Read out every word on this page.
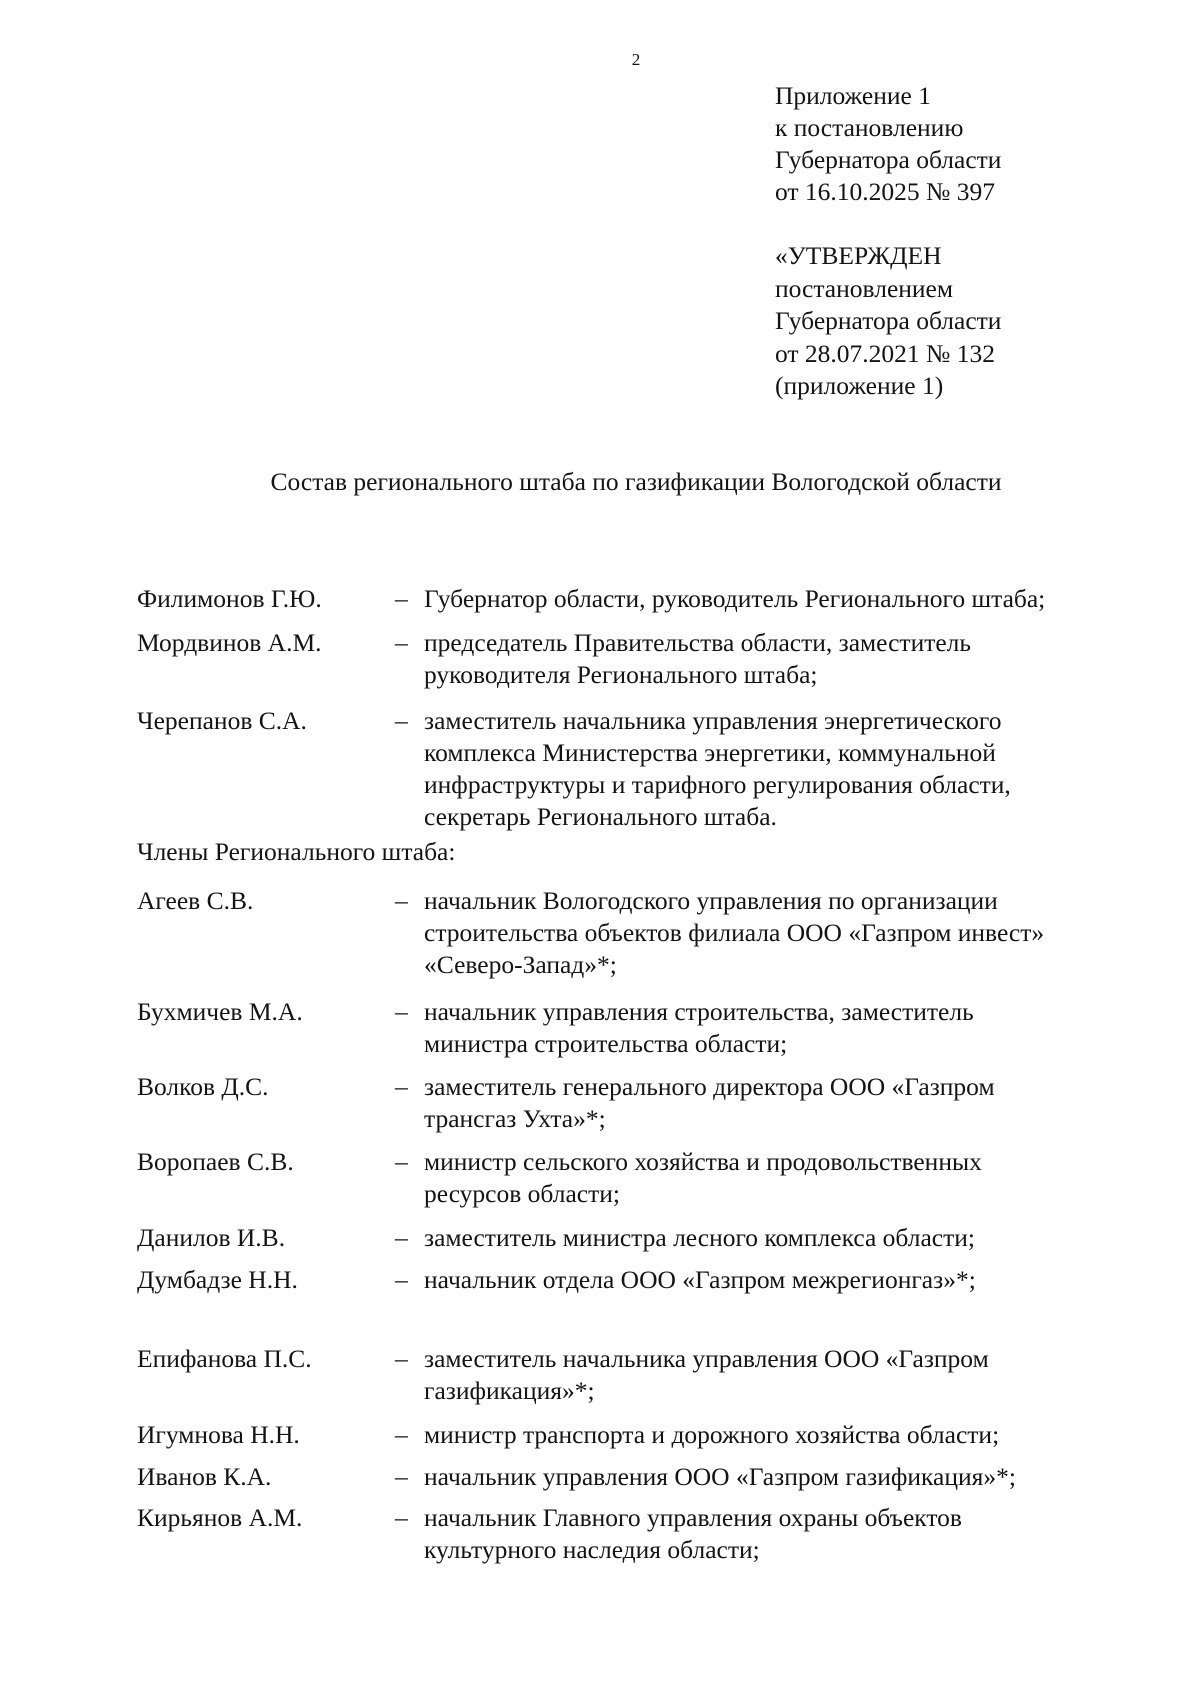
2
Приложение 1
к постановлению
Губернатора области
от 16.10.2025 № 397
«УТВЕРЖДЕН
постановлением
Губернатора области
от 28.07.2021 № 132
(приложение 1)
Состав регионального штаба по газификации Вологодской области
Филимонов Г.Ю.	– Губернатор области, руководитель Регионального штаба;
Мордвинов А.М.	– председатель Правительства области, заместитель
руководителя Регионального штаба;
Черепанов С.А.	– заместитель начальника управления энергетического
комплекса Министерства энергетики, коммунальной
инфраструктуры и тарифного регулирования области,
секретарь Регионального штаба.
Члены Регионального штаба:
Агеев С.В.	– начальник Вологодского управления по организации
строительства объектов филиала ООО «Газпром инвест»
«Северо-Запад»*;
Бухмичев М.А.	– начальник управления строительства, заместитель
министра строительства области;
Волков Д.С.	– заместитель генерального директора ООО «Газпром
трансгаз Ухта»*;
Воропаев С.В.	– министр сельского хозяйства и продовольственных
ресурсов области;
Данилов И.В.	– заместитель министра лесного комплекса области;
Думбадзе Н.Н.	– начальник отдела ООО «Газпром межрегионгаз»*;
Епифанова П.С.	– заместитель начальника управления ООО «Газпром
газификация»*;
Игумнова Н.Н.	– министр транспорта и дорожного хозяйства области;
Иванов К.А.	– начальник управления ООО «Газпром газификация»*;
Кирьянов А.М.	– начальник Главного управления охраны объектов
культурного наследия области;
